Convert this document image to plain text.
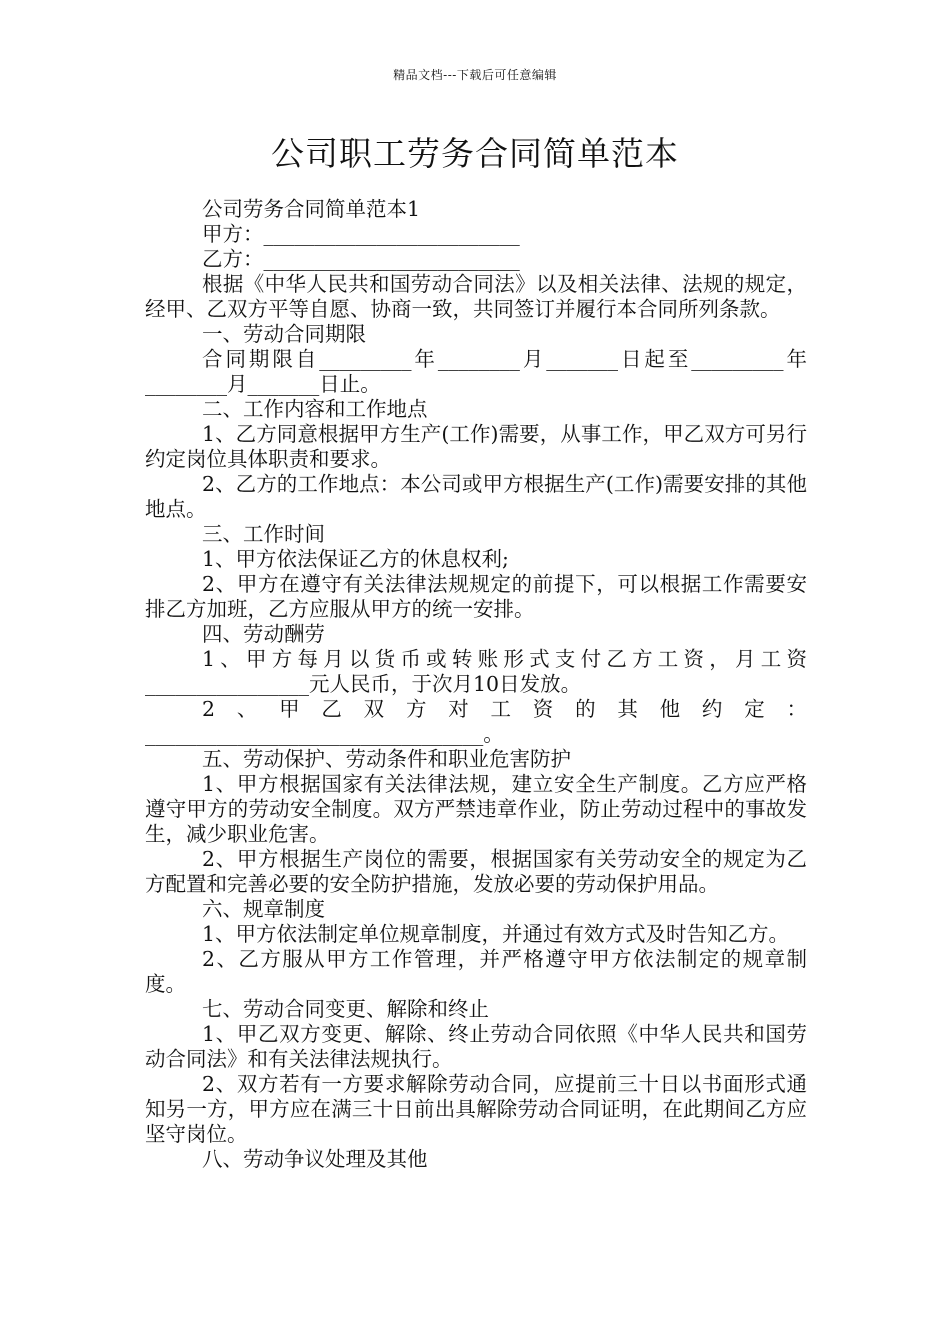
精品文档---下载后可任意编辑
公司职工劳务合同简单范本

公司劳务合同简单范本1

甲方：_________________________

乙方：_________________________

根据《中华人民共和国劳动合同法》以及相关法律、法规的规定，经甲、乙双方平等自愿、协商一致，共同签订并履行本合同所列条款。

一、劳动合同期限

合同期限自_________年________月_______日起至_________年________月_______日止。

二、工作内容和工作地点

1、乙方同意根据甲方生产(工作)需要，从事工作，甲乙双方可另行约定岗位具体职责和要求。

2、乙方的工作地点：本公司或甲方根据生产(工作)需要安排的其他地点。

三、工作时间

1、甲方依法保证乙方的休息权利;

2、甲方在遵守有关法律法规规定的前提下，可以根据工作需要安排乙方加班，乙方应服从甲方的统一安排。

四、劳动酬劳

1、甲方每月以货币或转账形式支付乙方工资，月工资________________元人民币，于次月10日发放。

2、甲乙双方对工资的其他约定：_________________________________。

五、劳动保护、劳动条件和职业危害防护

1、甲方根据国家有关法律法规，建立安全生产制度。乙方应严格遵守甲方的劳动安全制度。双方严禁违章作业，防止劳动过程中的事故发生，减少职业危害。

2、甲方根据生产岗位的需要，根据国家有关劳动安全的规定为乙方配置和完善必要的安全防护措施，发放必要的劳动保护用品。

六、规章制度

1、甲方依法制定单位规章制度，并通过有效方式及时告知乙方。

2、乙方服从甲方工作管理，并严格遵守甲方依法制定的规章制度。

七、劳动合同变更、解除和终止

1、甲乙双方变更、解除、终止劳动合同依照《中华人民共和国劳动合同法》和有关法律法规执行。

2、双方若有一方要求解除劳动合同，应提前三十日以书面形式通知另一方，甲方应在满三十日前出具解除劳动合同证明，在此期间乙方应坚守岗位。

八、劳动争议处理及其他
